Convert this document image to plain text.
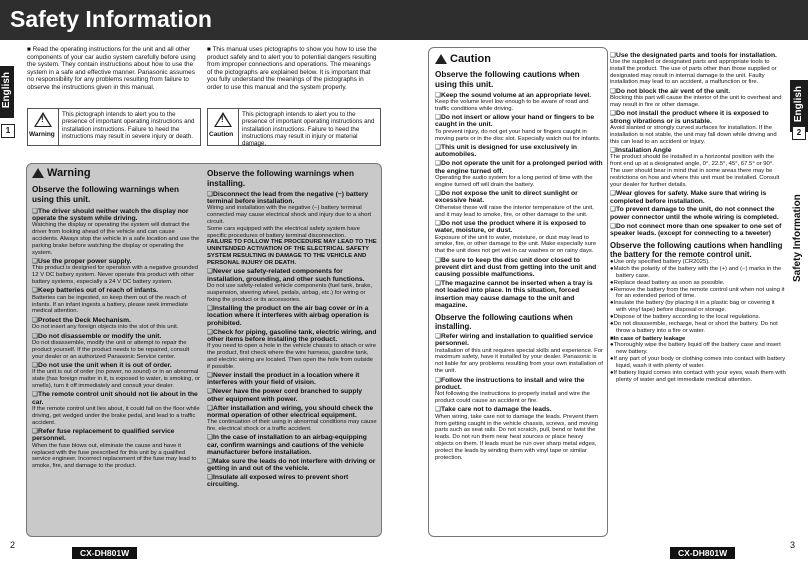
Safety Information
English
1
English
2
Safety Information
■ Read the operating instructions for the unit and all other components of your car audio system carefully before using the system. They contain instructions about how to use the system in a safe and effective manner. Panasonic assumes no responsibility for any problems resulting from failure to observe the instructions given in this manual.
■ This manual uses pictographs to show you how to use the product safely and to alert you to potential dangers resulting from improper connections and operations. The meanings of the pictographs are explained below. It is important that you fully understand the meanings of the pictographs in order to use this manual and the system properly.
!
Warning
This pictograph intends to alert you to the presence of important operating instructions and installation instructions. Failure to heed the instructions may result in severe injury or death.
!
Caution
This pictograph intends to alert you to the presence of important operating instructions and installation instructions. Failure to heed the instructions may result in injury or material damage.
Warning
Observe the following warnings when using this unit.
❑ The driver should neither watch the display nor operate the system while driving.
Watching the display or operating the system will distract the driver from looking ahead of the vehicle and can cause accidents. Always stop the vehicle in a safe location and use the parking brake before watching the display or operating the system.
❑ Use the proper power supply.
This product is designed for operation with a negative grounded 12 V DC battery system. Never operate this product with other battery systems, especially a 24 V DC battery system.
❑ Keep batteries out of reach of infants.
Batteries can be ingested, so keep them out of the reach of infants. If an infant ingests a battery, please seek immediate medical attention.
❑ Protect the Deck Mechanism.
Do not insert any foreign objects into the slot of this unit.
❑ Do not disassemble or modify the unit.
Do not disassemble, modify the unit or attempt to repair the product yourself. If the product needs to be repaired, consult your dealer or an authorized Panasonic Service center.
❑ Do not use the unit when it is out of order.
If the unit is out of order (no power, no sound) or in an abnormal state (has foreign matter in it, is exposed to water, is smoking, or smells), turn it off immediately and consult your dealer.
❑ The remote control unit should not lie about in the car.
If the remote control unit lies about, it could fall on the floor while driving, get wedged under the brake pedal, and lead to a traffic accident.
❑ Refer fuse replacement to qualified service personnel.
When the fuse blows out, eliminate the cause and have it replaced with the fuse prescribed for this unit by a qualified service engineer. Incorrect replacement of the fuse may lead to smoke, fire, and damage to the product.
Observe the following warnings when installing.
❑ Disconnect the lead from the negative (−) battery terminal before installation.
Wiring and installation with the negative (−) battery terminal connected may cause electrical shock and injury due to a short circuit.
Some cars equipped with the electrical safety system have specific procedures of battery terminal disconnection.
FAILURE TO FOLLOW THE PROCEDURE MAY LEAD TO THE UNINTENDED ACTIVATION OF THE ELECTRICAL SAFETY SYSTEM RESULTING IN DAMAGE TO THE VEHICLE AND PERSONAL INJURY OR DEATH.
❑ Never use safety-related components for installation, grounding, and other such functions.
Do not use safety-related vehicle components (fuel tank, brake, suspension, steering wheel, pedals, airbag, etc.) for wiring or fixing the product or its accessories.
❑ Installing the product on the air bag cover or in a location where it interferes with airbag operation is prohibited.
❑ Check for piping, gasoline tank, electric wiring, and other items before installing the product.
If you need to open a hole in the vehicle chassis to attach or wire the product, first check where the wire harness, gasoline tank, and electric wiring are located. Then open the hole from outside if possible.
❑ Never install the product in a location where it interferes with your field of vision.
❑ Never have the power cord branched to supply other equipment with power.
❑ After installation and wiring, you should check the normal operation of other electrical equipment.
The continuation of their using in abnormal conditions may cause fire, electrical shock or a traffic accident.
❑ In the case of installation to an airbag-equipping car, confirm warnings and cautions of the vehicle manufacturer before installation.
❑ Make sure the leads do not interfere with driving or getting in and out of the vehicle.
❑ Insulate all exposed wires to prevent short circuiting.
Caution
Observe the following cautions when using this unit.
❑ Keep the sound volume at an appropriate level.
Keep the volume level low enough to be aware of road and traffic conditions while driving.
❑ Do not insert or allow your hand or fingers to be caught in the unit.
To prevent injury, do not get your hand or fingers caught in moving parts or in the disc slot. Especially watch out for infants.
❑ This unit is designed for use exclusively in automobiles.
❑ Do not operate the unit for a prolonged period with the engine turned off.
Operating the audio system for a long period of time with the engine turned off will drain the battery.
❑ Do not expose the unit to direct sunlight or excessive heat.
Otherwise these will raise the interior temperature of the unit, and it may lead to smoke, fire, or other damage to the unit.
❑ Do not use the product where it is exposed to water, moisture, or dust.
Exposure of the unit to water, moisture, or dust may lead to smoke, fire, or other damage to the unit. Make especially sure that the unit does not get wet in car washes or on rainy days.
❑ Be sure to keep the disc unit door closed to prevent dirt and dust from getting into the unit and causing possible malfunctions.
❑ The magazine cannot be inserted when a tray is not loaded into place. In this situation, forced insertion may cause damage to the unit and magazine.
Observe the following cautions when installing.
❑ Refer wiring and installation to qualified service personnel.
Installation of this unit requires special skills and experience. For maximum safety, have it installed by your dealer. Panasonic is not liable for any problems resulting from your own installation of the unit.
❑ Follow the instructions to install and wire the product.
Not following the instructions to properly install and wire the product could cause an accident or fire.
❑ Take care not to damage the leads.
When wiring, take care not to damage the leads. Prevent them from getting caught in the vehicle chassis, screws, and moving parts such as seat rails. Do not scratch, pull, bend or twist the leads. Do not run them near heat sources or place heavy objects on them. If leads must be run over sharp metal edges, protect the leads by winding them with vinyl tape or similar protection.
❑ Use the designated parts and tools for installation.
Use the supplied or designated parts and appropriate tools to install the product. The use of parts other than those supplied or designated may result in internal damage to the unit. Faulty installation may lead to an accident, a malfunction or fire.
❑ Do not block the air vent of the unit.
Blocking this part will cause the interior of the unit to overheat and may result in fire or other damage.
❑ Do not install the product where it is exposed to strong vibrations or is unstable.
Avoid slanted or strongly curved surfaces for installation. If the installation is not stable, the unit may fall down while driving and this can lead to an accident or injury.
❑ Installation Angle
The product should be installed in a horizontal position with the front end up at a designated angle, 0°, 22.5°, 45°, 67.5° or 90°.
The user should bear in mind that in some areas there may be restrictions on how and where this unit must be installed. Consult your dealer for further details.
❑ Wear gloves for safety. Make sure that wiring is completed before installation.
❑ To prevent damage to the unit, do not connect the power connector until the whole wiring is completed.
❑ Do not connect more than one speaker to one set of speaker leads. (except for connecting to a tweeter)
Observe the following cautions when handling the battery for the remote control unit.
● Use only specified battery (CR2025).
● Match the polarity of the battery with the (+) and (−) marks in the battery case.
● Replace dead battery as soon as possible.
● Remove the battery from the remote control unit when not using it for an extended period of time.
● Insulate the battery (by placing it in a plastic bag or covering it with vinyl tape) before disposal or storage.
● Dispose of the battery according to the local regulations.
● Do not disassemble, recharge, heat or short the battery. Do not throw a battery into a fire or water.
■ In case of battery leakage
● Thoroughly wipe the battery liquid off the battery case and insert new battery.
● If any part of your body or clothing comes into contact with battery liquid, wash it with plenty of water.
● If battery liquid comes into contact with your eyes, wash them with plenty of water and get immediate medical attention.
2
CX-DH801W	CX-DH801W
3
